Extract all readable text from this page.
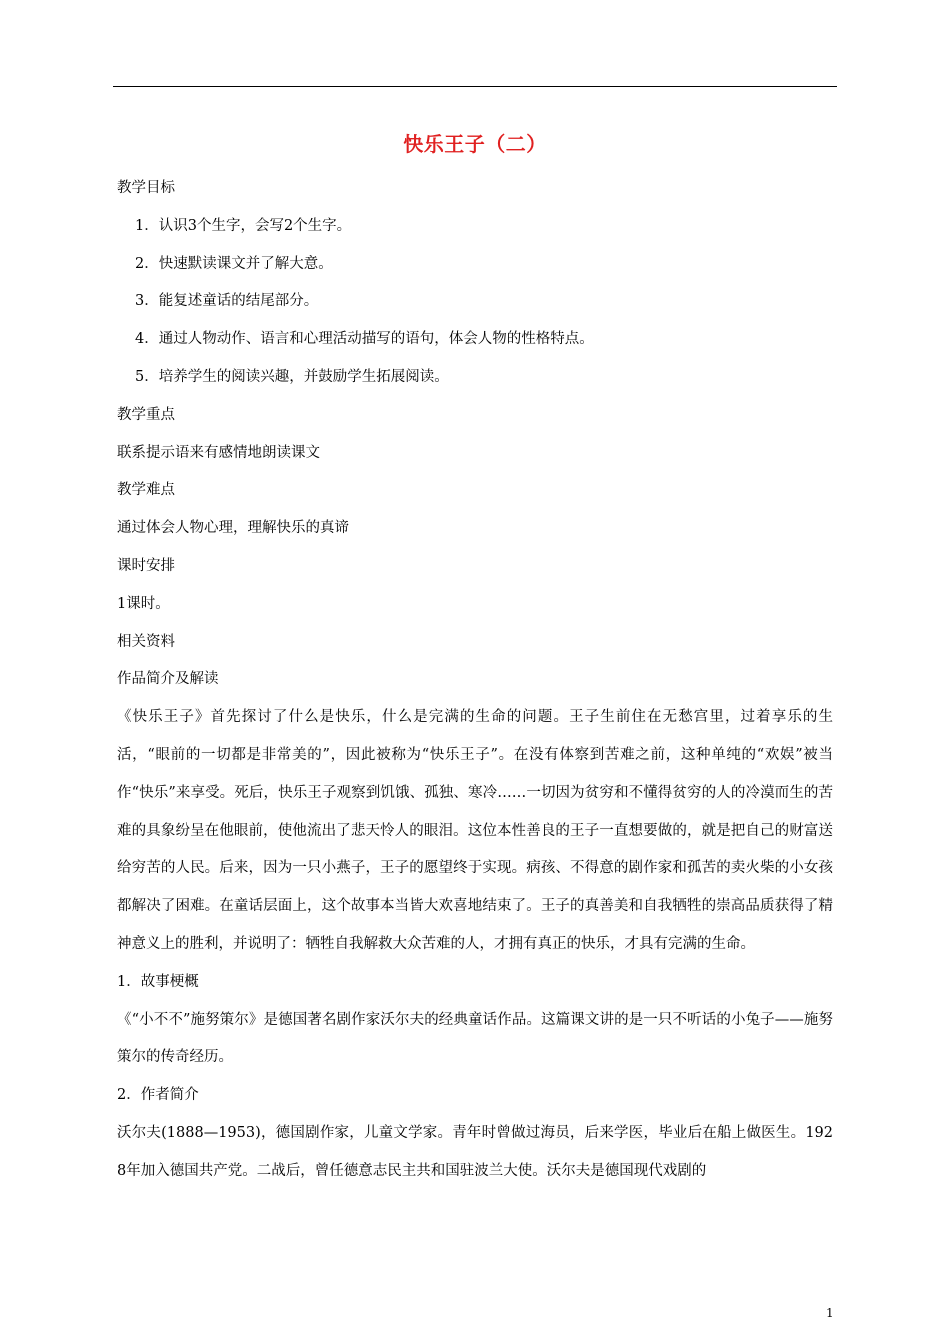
快乐王子（二）
教学目标
1．认识3个生字，会写2个生字。
2．快速默读课文并了解大意。
3．能复述童话的结尾部分。
4．通过人物动作、语言和心理活动描写的语句，体会人物的性格特点。
5．培养学生的阅读兴趣，并鼓励学生拓展阅读。
教学重点
联系提示语来有感情地朗读课文
教学难点
通过体会人物心理，理解快乐的真谛
课时安排
1课时。
相关资料
作品简介及解读
《快乐王子》首先探讨了什么是快乐，什么是完满的生命的问题。王子生前住在无愁宫里，过着享乐的生活，“眼前的一切都是非常美的”，因此被称为“快乐王子”。在没有体察到苦难之前，这种单纯的“欢娱”被当作“快乐”来享受。死后，快乐王子观察到饥饿、孤独、寒冷……一切因为贫穷和不懂得贫穷的人的冷漠而生的苦难的具象纷呈在他眼前，使他流出了悲天怜人的眼泪。这位本性善良的王子一直想要做的，就是把自己的财富送给穷苦的人民。后来，因为一只小燕子，王子的愿望终于实现。病孩、不得意的剧作家和孤苦的卖火柴的小女孩都解决了困难。在童话层面上，这个故事本当皆大欢喜地结束了。王子的真善美和自我牺牲的崇高品质获得了精神意义上的胜利，并说明了：牺牲自我解救大众苦难的人，才拥有真正的快乐，才具有完满的生命。
1．故事梗概
《“小不不”施努策尔》是德国著名剧作家沃尔夫的经典童话作品。这篇课文讲的是一只不听话的小兔子——施努策尔的传奇经历。
2．作者简介
沃尔夫(1888—1953)，德国剧作家，儿童文学家。青年时曾做过海员，后来学医，毕业后在船上做医生。1928年加入德国共产党。二战后，曾任德意志民主共和国驻波兰大使。沃尔夫是德国现代戏剧的
1
